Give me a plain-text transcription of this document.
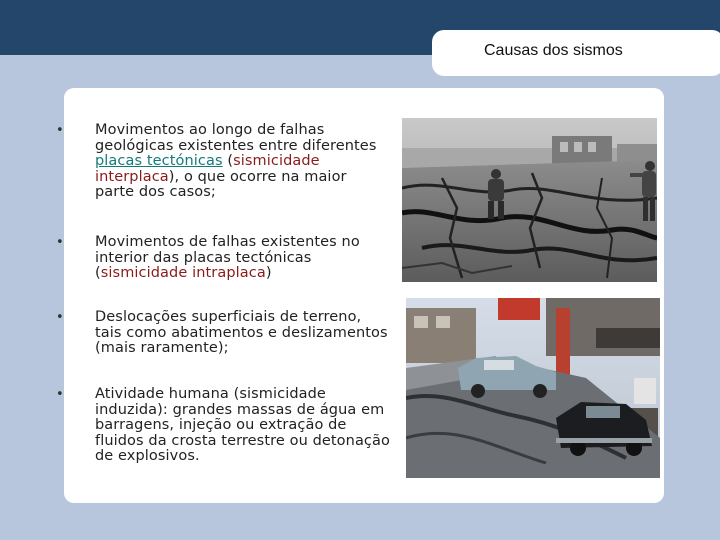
Causas dos sismos
• Movimentos ao longo de falhas geológicas existentes entre diferentes placas tectónicas (sismicidade interplaca), o que ocorre na maior parte dos casos;
• Movimentos de falhas existentes no interior das placas tectónicas (sismicidade intraplaca)
• Deslocações superficiais de terreno, tais como abatimentos e deslizamentos (mais raramente);
• Atividade humana (sismicidade induzida): grandes massas de água em barragens, injeção ou extração de fluidos da crosta terrestre ou detonação de explosivos.
